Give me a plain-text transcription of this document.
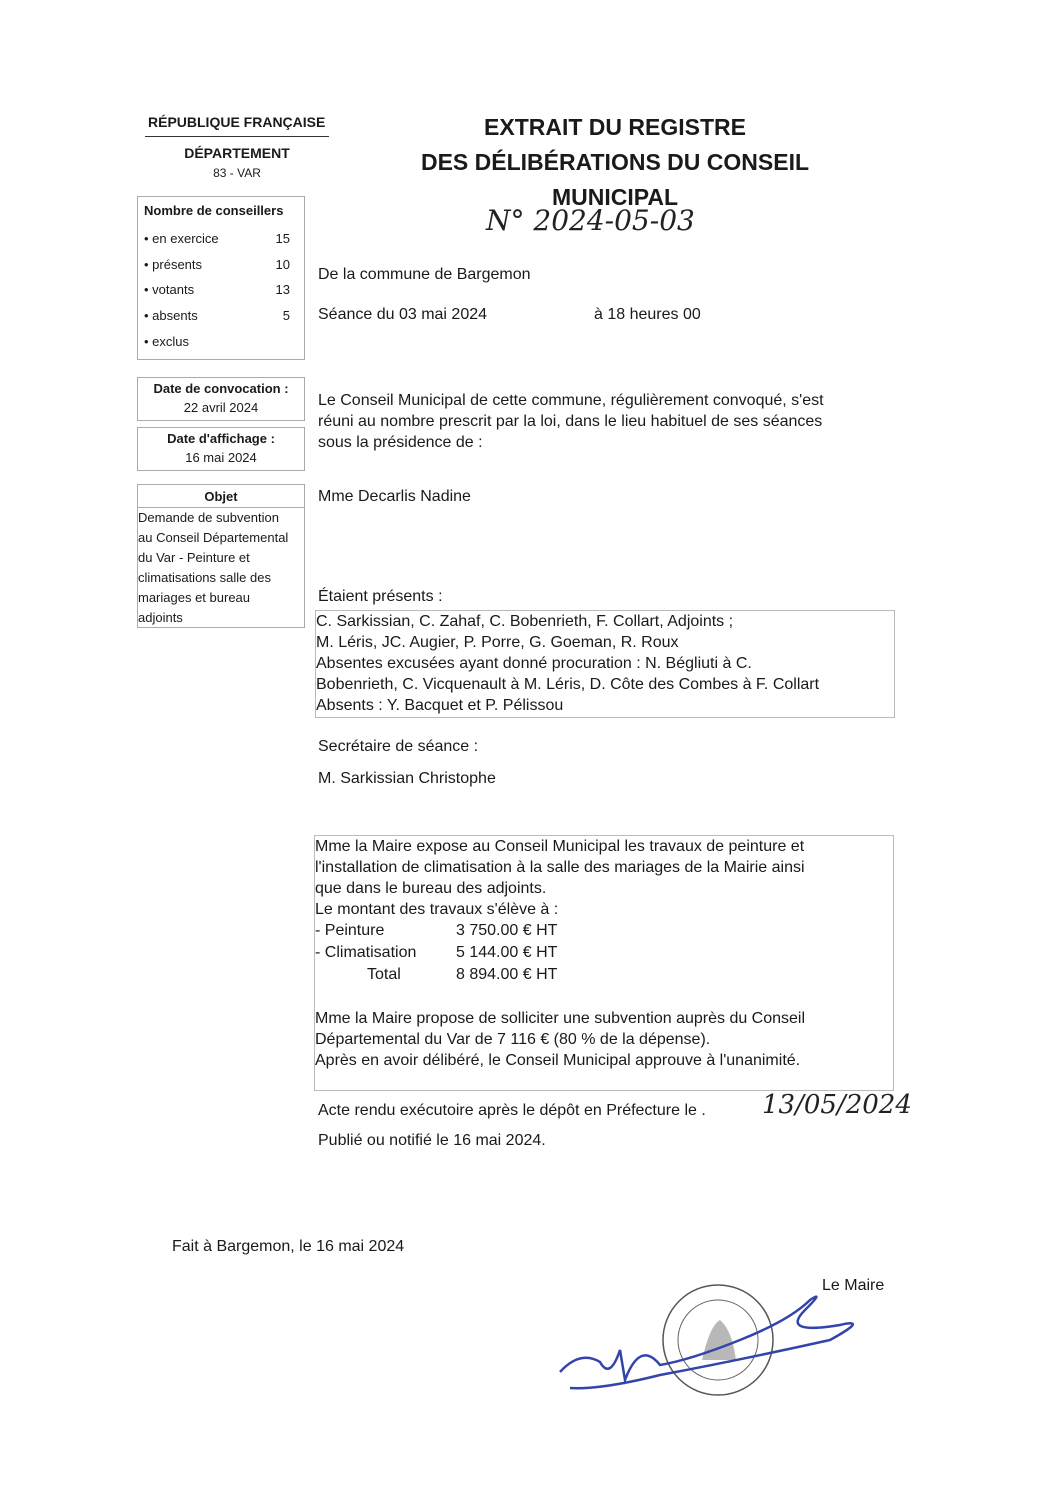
RÉPUBLIQUE FRANÇAISE
DÉPARTEMENT
83 - VAR
Nombre de conseillers
• en exercice	15
• présents	10
• votants	13
• absents	5
• exclus
Date de convocation :
22 avril 2024
Date d'affichage :
16 mai 2024
Objet
Demande de subvention
au Conseil Départemental
du Var - Peinture et
climatisations salle des
mariages et bureau
adjoints
EXTRAIT DU REGISTRE
DES DÉLIBÉRATIONS DU CONSEIL
MUNICIPAL
N° 2024-05-03
De la commune de Bargemon
Séance du 03 mai 2024	à 18 heures 00
Le Conseil Municipal de cette commune, régulièrement convoqué, s'est
réuni au nombre prescrit par la loi, dans le lieu habituel de ses séances
sous la présidence de :
Mme Decarlis Nadine
Étaient présents :
C. Sarkissian, C. Zahaf, C. Bobenrieth, F. Collart, Adjoints ;
M. Léris, JC. Augier, P. Porre, G. Goeman, R. Roux
Absentes excusées ayant donné procuration : N. Bégliuti à C.
Bobenrieth, C. Vicquenault à M. Léris, D. Côte des Combes à F. Collart
Absents : Y. Bacquet et P. Pélissou
Secrétaire de séance :
M. Sarkissian Christophe
Mme la Maire expose au Conseil Municipal les travaux de peinture et
l'installation de climatisation à la salle des mariages de la Mairie ainsi
que dans le bureau des adjoints.
Le montant des travaux s'élève à :
- Peinture	3 750.00 € HT
- Climatisation 5 144.00 € HT
Total	8 894.00 € HT
Mme la Maire propose de solliciter une subvention auprès du Conseil
Départemental du Var de 7 116 € (80 % de la dépense).
Après en avoir délibéré, le Conseil Municipal approuve à l'unanimité.
Acte rendu exécutoire après le dépôt en Préfecture le . 13/05/2024
Publié ou notifié le 16 mai 2024.
Fait à Bargemon, le 16 mai 2024
Le Maire
